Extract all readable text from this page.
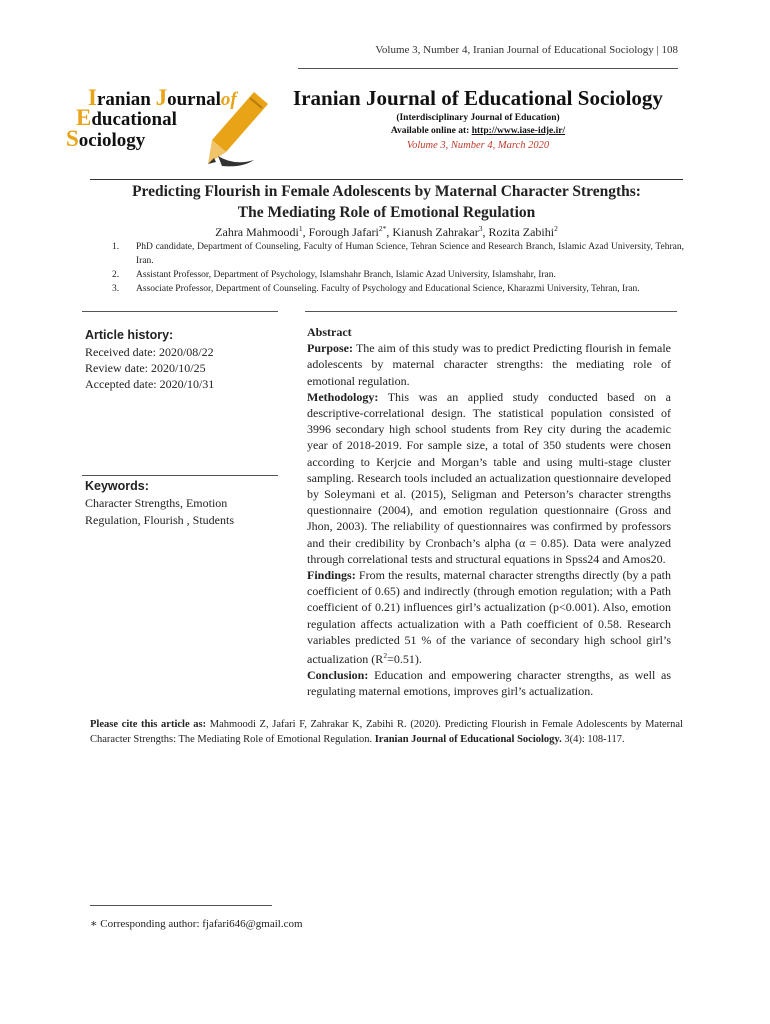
Volume 3, Number 4, Iranian Journal of Educational Sociology | 108
Iranian Journalof
Educational
Sociology
Iranian Journal of Educational Sociology
(Interdisciplinary Journal of Education)
Available online at: http://www.iase-idje.ir/
Volume 3, Number 4, March 2020
Predicting Flourish in Female Adolescents by Maternal Character Strengths:
The Mediating Role of Emotional Regulation
Zahra Mahmoodi$^1$, Forough Jafari$^{2*}$, Kianush Zahrakar$^3$, Rozita Zabihi$^2$
1.	PhD candidate, Department of Counseling, Faculty of Human Science, Tehran Science and Research Branch, Islamic Azad University, Tehran, Iran.
2.	Assistant Professor, Department of Psychology, Islamshahr Branch, Islamic Azad University, Islamshahr, Iran.
3.	Associate Professor, Department of Counseling. Faculty of Psychology and Educational Science, Kharazmi University, Tehran, Iran.
Article history:
Received date: 2020/08/22
Review date: 2020/10/25
Accepted date: 2020/10/31
Keywords:
Character Strengths, Emotion Regulation, Flourish , Students
Abstract
Purpose: The aim of this study was to predict Predicting flourish in female adolescents by maternal character strengths: the mediating role of emotional regulation.
Methodology: This was an applied study conducted based on a descriptive-correlational design. The statistical population consisted of 3996 secondary high school students from Rey city during the academic year of 2018-2019. For sample size, a total of 350 students were chosen according to Kerjcie and Morgan’s table and using multi-stage cluster sampling. Research tools included an actualization questionnaire developed by Soleymani et al. (2015), Seligman and Peterson’s character strengths questionnaire (2004), and emotion regulation questionnaire (Gross and Jhon, 2003). The reliability of questionnaires was confirmed by professors and their credibility by Cronbach’s alpha (α = 0.85). Data were analyzed through correlational tests and structural equations in Spss24 and Amos20.
Findings: From the results, maternal character strengths directly (by a path coefficient of 0.65) and indirectly (through emotion regulation; with a Path coefficient of 0.21) influences girl’s actualization (p<0.001). Also, emotion regulation affects actualization with a Path coefficient of 0.58. Research variables predicted 51 % of the variance of secondary high school girl’s actualization $(R^2=0.51)$.
Conclusion: Education and empowering character strengths, as well as regulating maternal emotions, improves girl’s actualization.
Please cite this article as: Mahmoodi Z, Jafari F, Zahrakar K, Zabihi R. (2020). Predicting Flourish in Female Adolescents by Maternal Character Strengths: The Mediating Role of Emotional Regulation. Iranian Journal of Educational Sociology. 3(4): 108-117.
∗ Corresponding author: fjafari646@gmail.com
